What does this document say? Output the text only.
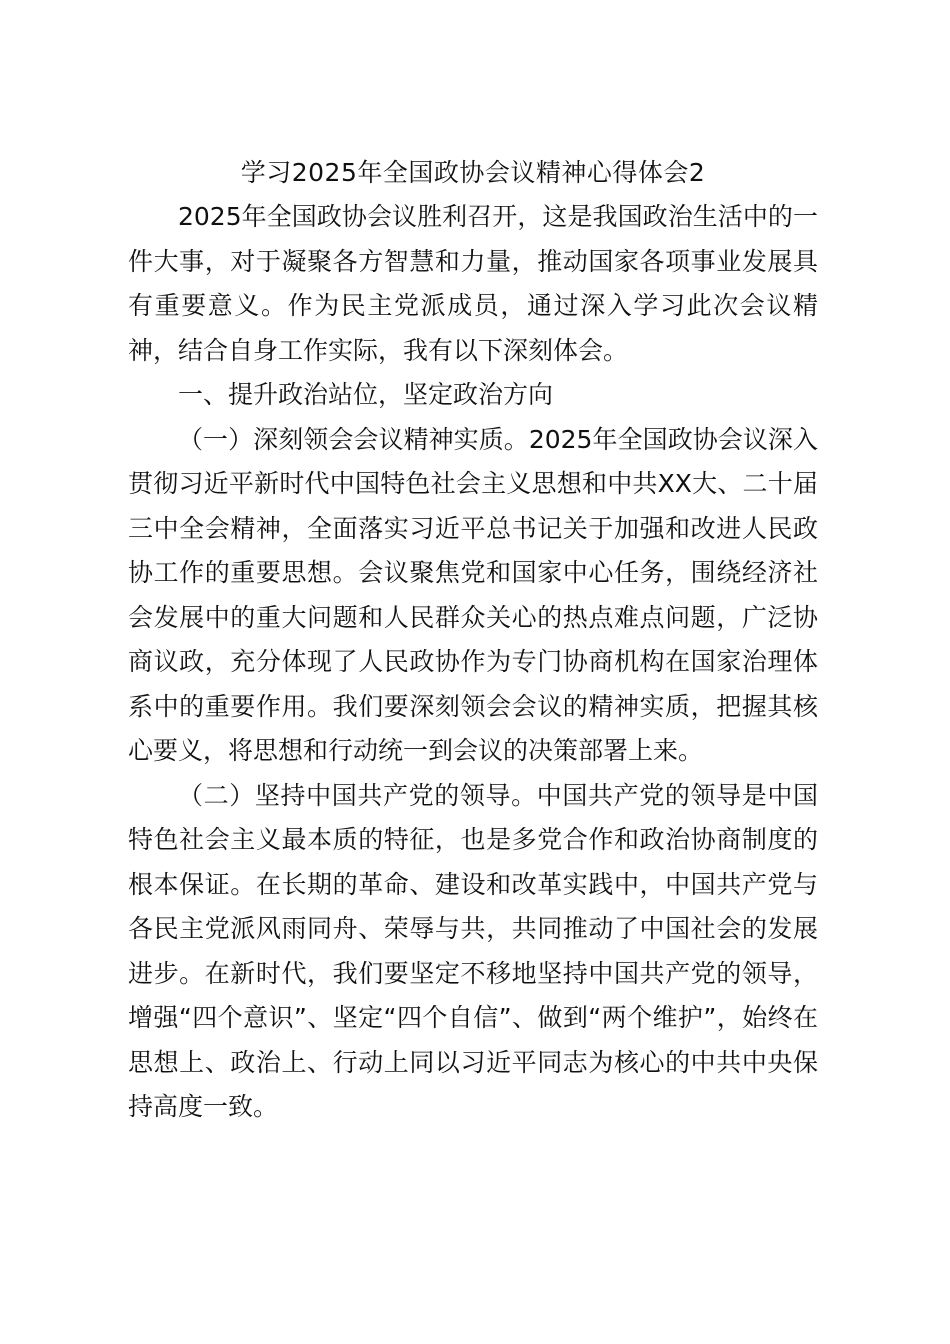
学习2025年全国政协会议精神心得体会2

2025年全国政协会议胜利召开，这是我国政治生活中的一件大事，对于凝聚各方智慧和力量，推动国家各项事业发展具有重要意义。作为民主党派成员，通过深入学习此次会议精神，结合自身工作实际，我有以下深刻体会。

一、提升政治站位，坚定政治方向

（一）深刻领会会议精神实质。2025年全国政协会议深入贯彻习近平新时代中国特色社会主义思想和中共XX大、二十届三中全会精神，全面落实习近平总书记关于加强和改进人民政协工作的重要思想。会议聚焦党和国家中心任务，围绕经济社会发展中的重大问题和人民群众关心的热点难点问题，广泛协商议政，充分体现了人民政协作为专门协商机构在国家治理体系中的重要作用。我们要深刻领会会议的精神实质，把握其核心要义，将思想和行动统一到会议的决策部署上来。

（二）坚持中国共产党的领导。中国共产党的领导是中国特色社会主义最本质的特征，也是多党合作和政治协商制度的根本保证。在长期的革命、建设和改革实践中，中国共产党与各民主党派风雨同舟、荣辱与共，共同推动了中国社会的发展进步。在新时代，我们要坚定不移地坚持中国共产党的领导，增强“四个意识”、坚定“四个自信”、做到“两个维护”，始终在思想上、政治上、行动上同以习近平同志为核心的中共中央保持高度一致。
